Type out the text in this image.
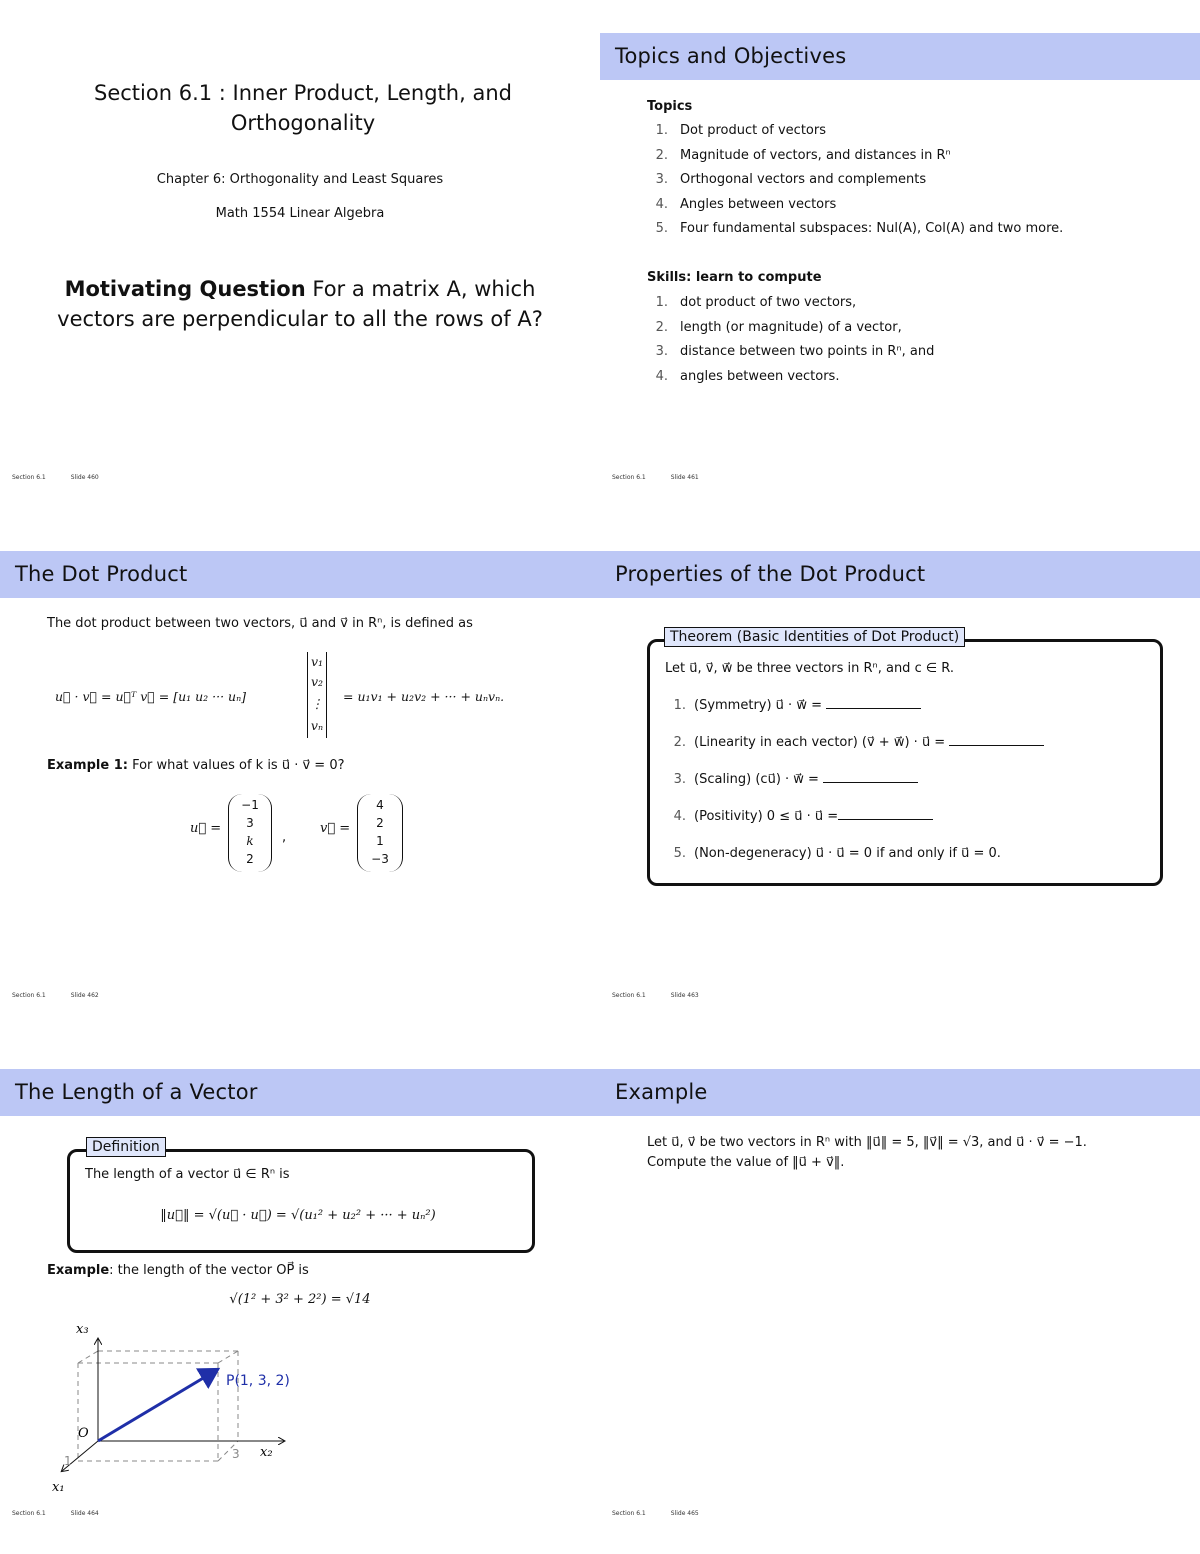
Section 6.1 : Inner Product, Length, and
Orthogonality
Chapter 6: Orthogonality and Least Squares
Math 1554 Linear Algebra
Motivating Question For a matrix A, which
vectors are perpendicular to all the rows of A?
Section 6.1	Slide 460
Topics and Objectives
Topics
1. Dot product of vectors
2. Magnitude of vectors, and distances in Rⁿ
3. Orthogonal vectors and complements
4. Angles between vectors
5. Four fundamental subspaces: Nul(A), Col(A) and two more.
Skills: learn to compute
1. dot product of two vectors,
2. length (or magnitude) of a vector,
3. distance between two points in Rⁿ, and
4. angles between vectors.
Section 6.1	Slide 461
The Dot Product
The dot product between two vectors, u⃗ and v⃗ in Rⁿ, is defined as
u⃗ · v⃗ = u⃗ᵀ v⃗ = [u₁ u₂ ··· uₙ]
v₁
v₂
⋮
vₙ
= u₁v₁ + u₂v₂ + ··· + uₙvₙ.
Example 1: For what values of k is u⃗ · v⃗ = 0?
u⃗ =
−1
3
k
2
,
v⃗ =
4
2
1
−3
Section 6.1	Slide 462
Properties of the Dot Product
Theorem (Basic Identities of Dot Product)
Let u⃗, v⃗, w⃗ be three vectors in Rⁿ, and c ∈ R.
1. (Symmetry) u⃗ · w⃗ =
2. (Linearity in each vector) (v⃗ + w⃗) · u⃗ =
3. (Scaling) (cu⃗) · w⃗ =
4. (Positivity) 0 ≤ u⃗ · u⃗ =
5. (Non-degeneracy) u⃗ · u⃗ = 0 if and only if u⃗ = 0.
Section 6.1	Slide 463
The Length of a Vector
Definition
The length of a vector u⃗ ∈ Rⁿ is
‖u⃗‖ = √(u⃗ · u⃗) = √(u₁² + u₂² + ··· + uₙ²)
Example: the length of the vector OP⃗ is
√(1² + 3² + 2²) = √14
x₃
x₂
x₁
O
P(1, 3, 2)
3
1
Section 6.1	Slide 464
Example
Let u⃗, v⃗ be two vectors in Rⁿ with ‖u⃗‖ = 5, ‖v⃗‖ = √3, and u⃗ · v⃗ = −1.
Compute the value of ‖u⃗ + v⃗‖.
Section 6.1	Slide 465
